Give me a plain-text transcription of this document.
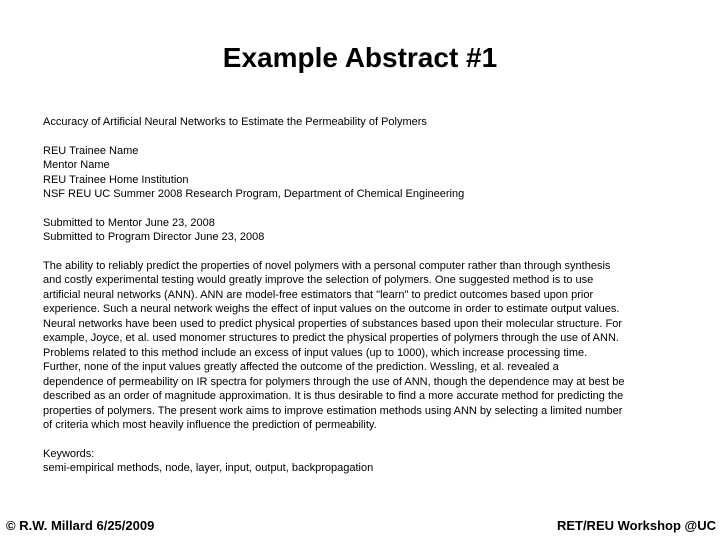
Example Abstract #1
Accuracy of Artificial Neural Networks to Estimate the Permeability of Polymers
REU Trainee Name
Mentor Name
REU Trainee Home Institution
NSF REU UC Summer 2008 Research Program, Department of Chemical Engineering
Submitted to Mentor June 23, 2008
Submitted to Program Director June 23, 2008
The ability to reliably predict the properties of novel polymers with a personal computer rather than through synthesis
and costly experimental testing would greatly improve the selection of polymers. One suggested method is to use
artificial neural networks (ANN). ANN are model-free estimators that "learn" to predict outcomes based upon prior
experience. Such a neural network weighs the effect of input values on the outcome in order to estimate output values.
Neural networks have been used to predict physical properties of substances based upon their molecular structure. For
example, Joyce, et al. used monomer structures to predict the physical properties of polymers through the use of ANN.
Problems related to this method include an excess of input values (up to 1000), which increase processing time.
Further, none of the input values greatly affected the outcome of the prediction. Wessling, et al. revealed a
dependence of permeability on IR spectra for polymers through the use of ANN, though the dependence may at best be
described as an order of magnitude approximation. It is thus desirable to find a more accurate method for predicting the
properties of polymers. The present work aims to improve estimation methods using ANN by selecting a limited number
of criteria which most heavily influence the prediction of permeability.
Keywords:
semi-empirical methods, node, layer, input, output, backpropagation
© R.W. Millard 6/25/2009	RET/REU Workshop @UC
